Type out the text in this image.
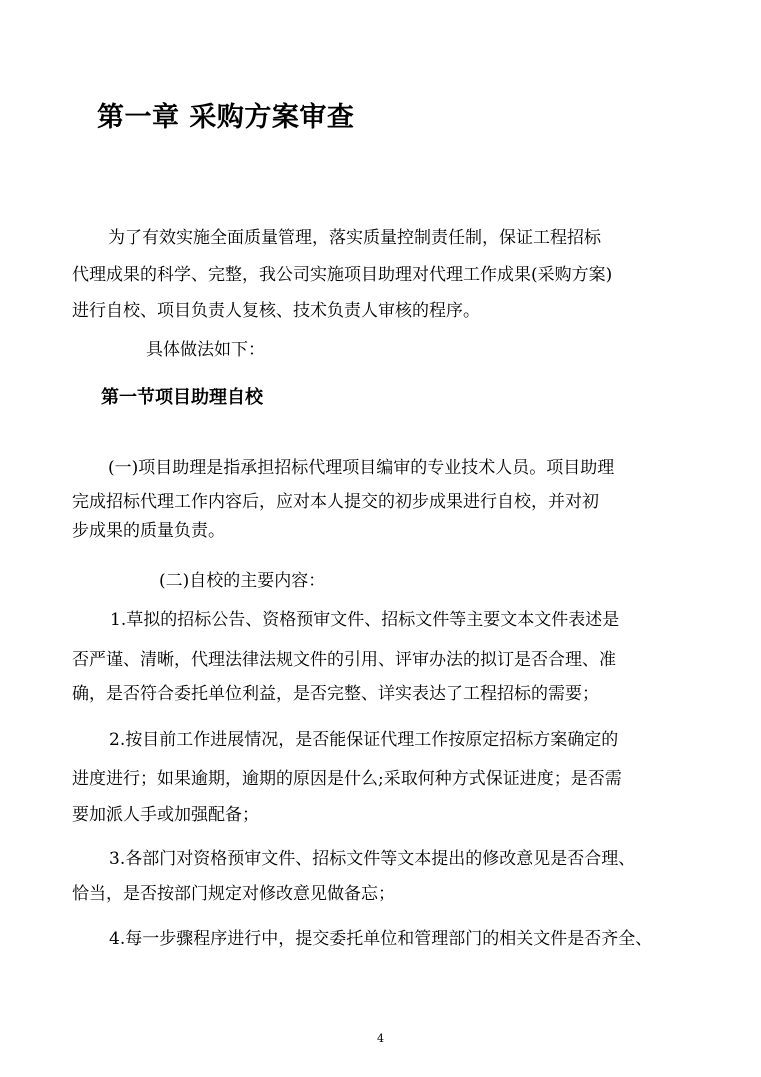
第一章 采购方案审查
为了有效实施全面质量管理，落实质量控制责任制，保证工程招标
代理成果的科学、完整，我公司实施项目助理对代理工作成果(采购方案)
进行自校、项目负责人复核、技术负责人审核的程序。
具体做法如下：
第一节项目助理自校
(一)项目助理是指承担招标代理项目编审的专业技术人员。项目助理
完成招标代理工作内容后，应对本人提交的初步成果进行自校，并对初
步成果的质量负责。
(二)自校的主要内容：
1.草拟的招标公告、资格预审文件、招标文件等主要文本文件表述是
否严谨、清晰，代理法律法规文件的引用、评审办法的拟订是否合理、准
确，是否符合委托单位利益，是否完整、详实表达了工程招标的需要；
2.按目前工作进展情况，是否能保证代理工作按原定招标方案确定的
进度进行；如果逾期，逾期的原因是什么;采取何种方式保证进度；是否需
要加派人手或加强配备；
3.各部门对资格预审文件、招标文件等文本提出的修改意见是否合理、
恰当，是否按部门规定对修改意见做备忘；
4.每一步骤程序进行中，提交委托单位和管理部门的相关文件是否齐全、
4
